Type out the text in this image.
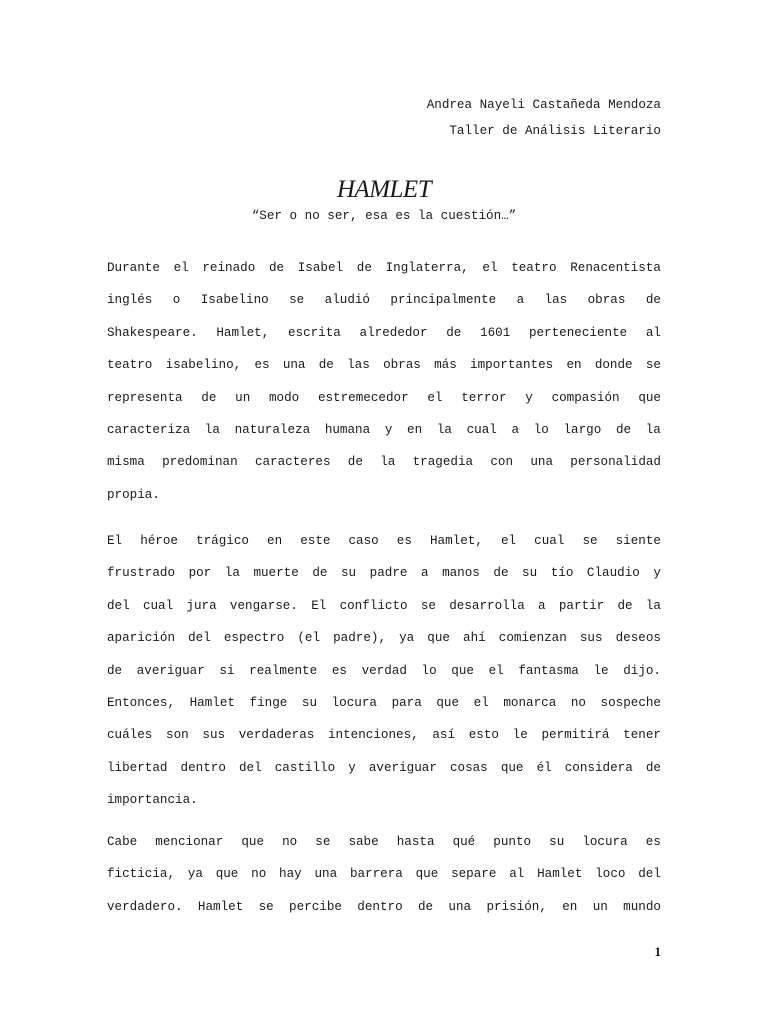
Andrea Nayeli Castañeda Mendoza
Taller de Análisis Literario
HAMLET
“Ser o no ser, esa es la cuestión…”
Durante el reinado de Isabel de Inglaterra, el teatro Renacentista
inglés o Isabelino se aludió principalmente a las obras de
Shakespeare. Hamlet, escrita alrededor de 1601 perteneciente al
teatro isabelino, es una de las obras más importantes en donde se
representa de un modo estremecedor el terror y compasión que
caracteriza la naturaleza humana y en la cual a lo largo de la
misma predominan caracteres de la tragedia con una personalidad
propia.
El héroe trágico en este caso es Hamlet, el cual se siente
frustrado por la muerte de su padre a manos de su tío Claudio y
del cual jura vengarse. El conflicto se desarrolla a partir de la
aparición del espectro (el padre), ya que ahí comienzan sus deseos
de averiguar si realmente es verdad lo que el fantasma le dijo.
Entonces, Hamlet finge su locura para que el monarca no sospeche
cuáles son sus verdaderas intenciones, así esto le permitirá tener
libertad dentro del castillo y averiguar cosas que él considera de
importancia.
Cabe mencionar que no se sabe hasta qué punto su locura es
ficticia, ya que no hay una barrera que separe al Hamlet loco del
verdadero. Hamlet se percibe dentro de una prisión, en un mundo
1
